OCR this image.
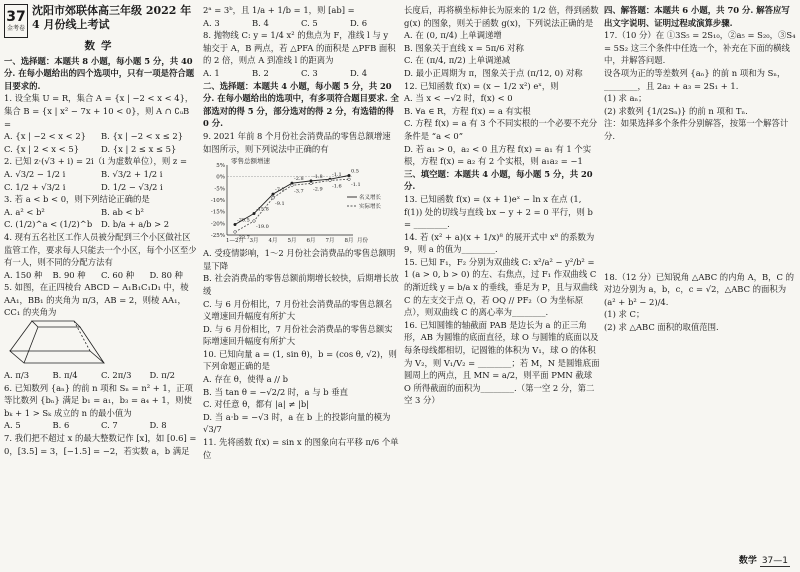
37
金考卷
沈阳市郊联体高三年级 2022 年
4 月份线上考试
数学

一、选择题：本题共 8 小题，每小题 5 分，共 40 分. 在每小题给出的四个选项中，只有一项是符合题目要求的.

1. 设全集 U = R，集合 A = {x | −2 < x < 4}，集合 B = {x | x² − 7x + 10 < 0}，则 A ∩ ∁ᵤB =

A. {x | −2 < x < 2}	B. {x | −2 < x ≤ 2}
C. {x | 2 < x < 5}	D. {x | 2 ≤ x ≤ 5}

2. 已知 z·(√3 + i) = 2i（i 为虚数单位），则 z =

A. √3/2 − 1/2 i	B. √3/2 + 1/2 i
C. 1/2 + √3/2 i	D. 1/2 − √3/2 i

3. 若 a < b < 0，则下列结论正确的是

A. a² < b²	B. ab < b²
C. (1/2)^a < (1/2)^b	D. b/a + a/b > 2

4. 现有五名社区工作人员被分配到三个小区做社区监管工作，要求每人只能去一个小区，每个小区至少有一人，则不同的分配方法有

A. 150 种	B. 90 种	C. 60 种	D. 80 种

5. 如图，在正四棱台 ABCD − A₁B₁C₁D₁ 中，棱 AA₁，BB₁ 的夹角为 π/3，AB = 2，则棱 AA₁，CC₁ 的夹角为

A. π/3	B. π/4	C. 2π/3	D. π/2

6. 已知数列 {aₙ} 的前 n 项和 Sₙ = n² + 1，正项等比数列 {bₙ} 满足 b₁ = a₁，b₃ = a₄ + 1，则使 bₖ + 1 > Sₖ 成立的 n 的最小值为

A. 5	B. 6	C. 7	D. 8

7. 我们把不超过 x 的最大整数记作 [x]，如 [0.6] = 0，[3.5] = 3，[−1.5] = −2，若实数 a，b 满足

2ᵃ = 3ᵇ，且 1/a + 1/b = 1，则 [ab] =

A. 3	B. 4	C. 5	D. 6

8. 抛物线 C: y = 1/4 x² 的焦点为 F，准线 l 与 y 轴交于 A，B 两点，若 △PFA 的面积是 △PFB 面积的 2 倍，则点 A 到准线 l 的距离为

A. 1	B. 2	C. 3	D. 4

二、选择题：本题共 4 小题，每小题 5 分，共 20 分. 在每小题给出的选项中，有多项符合题目要求. 全部选对的得 5 分，部分选对的得 2 分，有选错的得 0 分.

9. 2021 年前 8 个月份社会消费品的零售总额增速如图所示，则下列说法中正确的有

零售总额增速
5%
0%
-5%
-10%
-15%
-20%
-25%
1—2月 3月 4月 5月 6月 7月 8月
-20.5
-15.8
-7.5
-2.8 -1.8 -1.1
0.5
-23.7
-19.0
-9.1
-3.7 -2.9
-1.6 -1.1
名义增长
实际增长
月份

A. 受疫情影响，1～2 月份社会消费品的零售总额明显下降

B. 社会消费品的零售总额前期增长较快，后期增长放缓

C. 与 6 月份相比，7 月份社会消费品的零售总额名义增速回升幅度有所扩大

D. 与 6 月份相比，7 月份社会消费品的零售总额实际增速回升幅度有所扩大

10. 已知向量 a = (1, sin θ)，b = (cos θ, √2)，则下列命题正确的是

A. 存在 θ，使得 a // b

B. 当 tan θ = −√2/2 时，a 与 b 垂直

C. 对任意 θ，都有 |a| ≠ |b|

D. 当 a·b = −√3 时，a 在 b 上的投影向量的模为 √3/7

11. 先将函数 f(x) = sin x 的图象向右平移 π/6 个单位

长度后，再将横坐标伸长为原来的 1/2 倍，得到函数 g(x) 的图象，则关于函数 g(x)，下列说法正确的是

A. 在 (0, π/4) 上单调递增

B. 图象关于直线 x = 5π/6 对称

C. 在 (π/4, π/2) 上单调递减

D. 最小正周期为 π，图象关于点 (π/12, 0) 对称

12. 已知函数 f(x) = (x − 1/2 x²) eˣ，则

A. 当 x < −√2 时，f(x) < 0

B. ∀a ∈ R，方程 f(x) = a 有实根

C. 方程 f(x) = a 有 3 个不同实根的一个必要不充分条件是 “a < 0”

D. 若 a₁ > 0，a₂ < 0 且方程 f(x) = a₁ 有 1 个实根，方程 f(x) = a₂ 有 2 个实根，则 a₁a₂ = −1

三、填空题：本题共 4 小题，每小题 5 分，共 20 分.

13. 已知函数 f(x) = (x + 1)eˣ − ln x 在点 (1, f(1)) 处的切线与直线 bx − y + 2 = 0 平行，则 b = ________.

14. 若 (x² + a)(x + 1/x)⁸ 的展开式中 x⁸ 的系数为 9，则 a 的值为________.

15. 已知 F₁，F₂ 分别为双曲线 C: x²/a² − y²/b² = 1 (a > 0, b > 0) 的左、右焦点，过 F₁ 作双曲线 C 的渐近线 y = b/a x 的垂线，垂足为 P，且与双曲线 C 的左支交于点 Q，若 OQ // PF₂（O 为坐标原点），则双曲线 C 的离心率为________.

16. 已知圆锥的轴截面 PAB 是边长为 a 的正三角形，AB 为圆锥的底面直径，球 O 与圆锥的底面以及每条母线都相切，记圆锥的体积为 V₁，球 O 的体积为 V₂，则 V₁/V₂ = ________；若 M，N 是圆锥底面圆周上的两点，且 MN = a/2，则平面 PMN 截球 O 所得截面的面积为________.（第一空 2 分，第二空 3 分）

四、解答题：本题共 6 小题，共 70 分. 解答应写出文字说明、证明过程或演算步骤.

17.（10 分）在 ①3S₅ = 2S₁₀，②a₅ = S₂₀，③S₄ = 5S₂ 这三个条件中任选一个，补充在下面的横线中，并解答问题.

设各项为正的等差数列 {aₙ} 的前 n 项和为 Sₙ，________，且 2a₂ + a₃ = 2S₁ + 1.

(1) 求 aₙ；

(2) 求数列 {1/(2Sₙ)} 的前 n 项和 Tₙ.

注：如果选择多个条件分别解答，按第一个解答计分.

18.（12 分）已知锐角 △ABC 的内角 A，B，C 的对边分别为 a，b，c，c = √2，△ABC 的面积为 (a² + b² − 2)/4.

(1) 求 C；

(2) 求 △ABC 面积的取值范围.

数学 37—1
